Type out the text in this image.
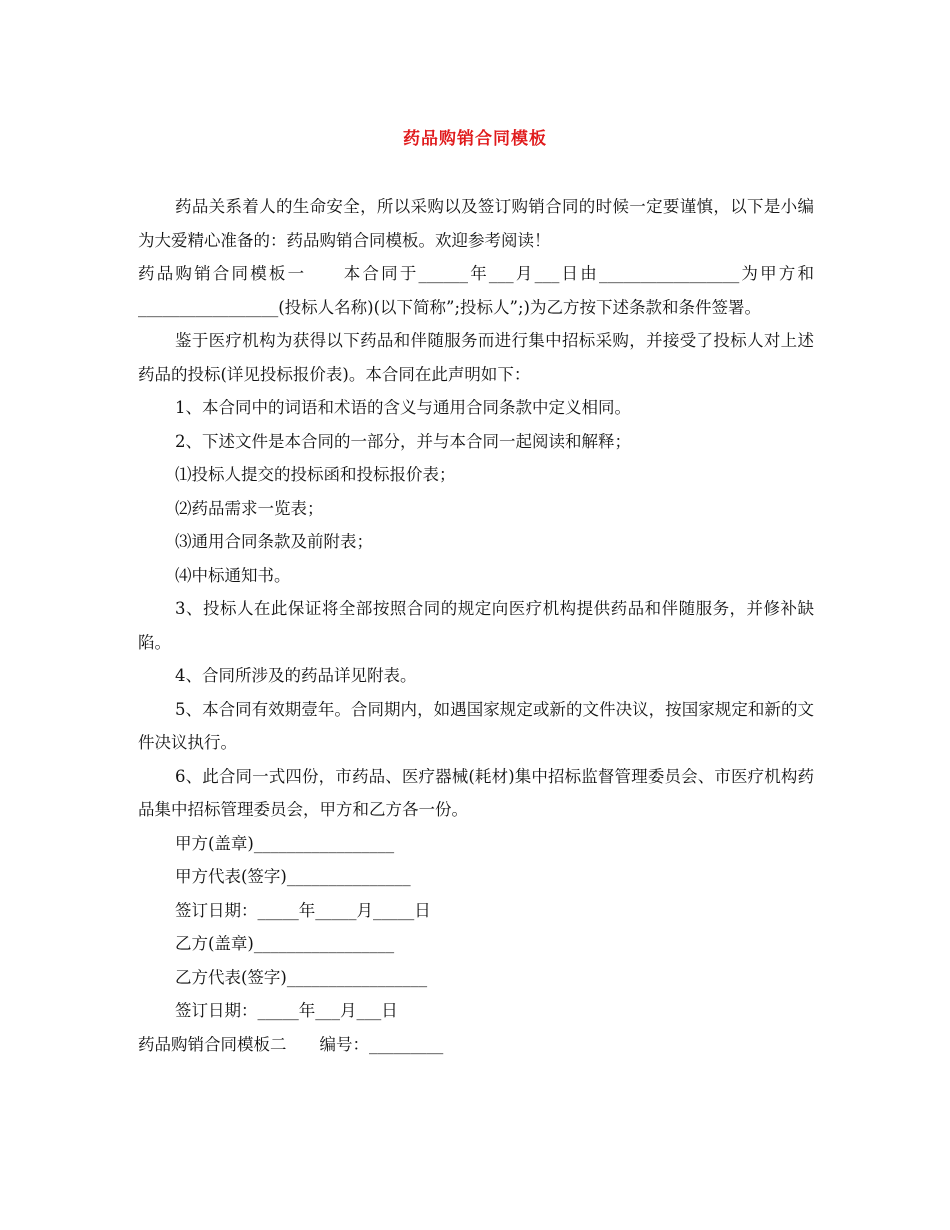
药品购销合同模板

药品关系着人的生命安全，所以采购以及签订购销合同的时候一定要谨慎，以下是小编为大爱精心准备的：药品购销合同模板。欢迎参考阅读！

药品购销合同模板一　　本合同于______年___月___日由_________________为甲方和_________________(投标人名称)(以下简称”;投标人”;)为乙方按下述条款和条件签署。

鉴于医疗机构为获得以下药品和伴随服务而进行集中招标采购，并接受了投标人对上述药品的投标(详见投标报价表)。本合同在此声明如下：

1、本合同中的词语和术语的含义与通用合同条款中定义相同。

2、下述文件是本合同的一部分，并与本合同一起阅读和解释；

⑴投标人提交的投标函和投标报价表；

⑵药品需求一览表；

⑶通用合同条款及前附表；

⑷中标通知书。

3、投标人在此保证将全部按照合同的规定向医疗机构提供药品和伴随服务，并修补缺陷。

4、合同所涉及的药品详见附表。

5、本合同有效期壹年。合同期内，如遇国家规定或新的文件决议，按国家规定和新的文件决议执行。

6、此合同一式四份，市药品、医疗器械(耗材)集中招标监督管理委员会、市医疗机构药品集中招标管理委员会，甲方和乙方各一份。

甲方(盖章)_________________

甲方代表(签字)_______________

签订日期：_____年_____月_____日

乙方(盖章)_________________

乙方代表(签字)_________________

签订日期：_____年___月___日

药品购销合同模板二　　编号：_________
